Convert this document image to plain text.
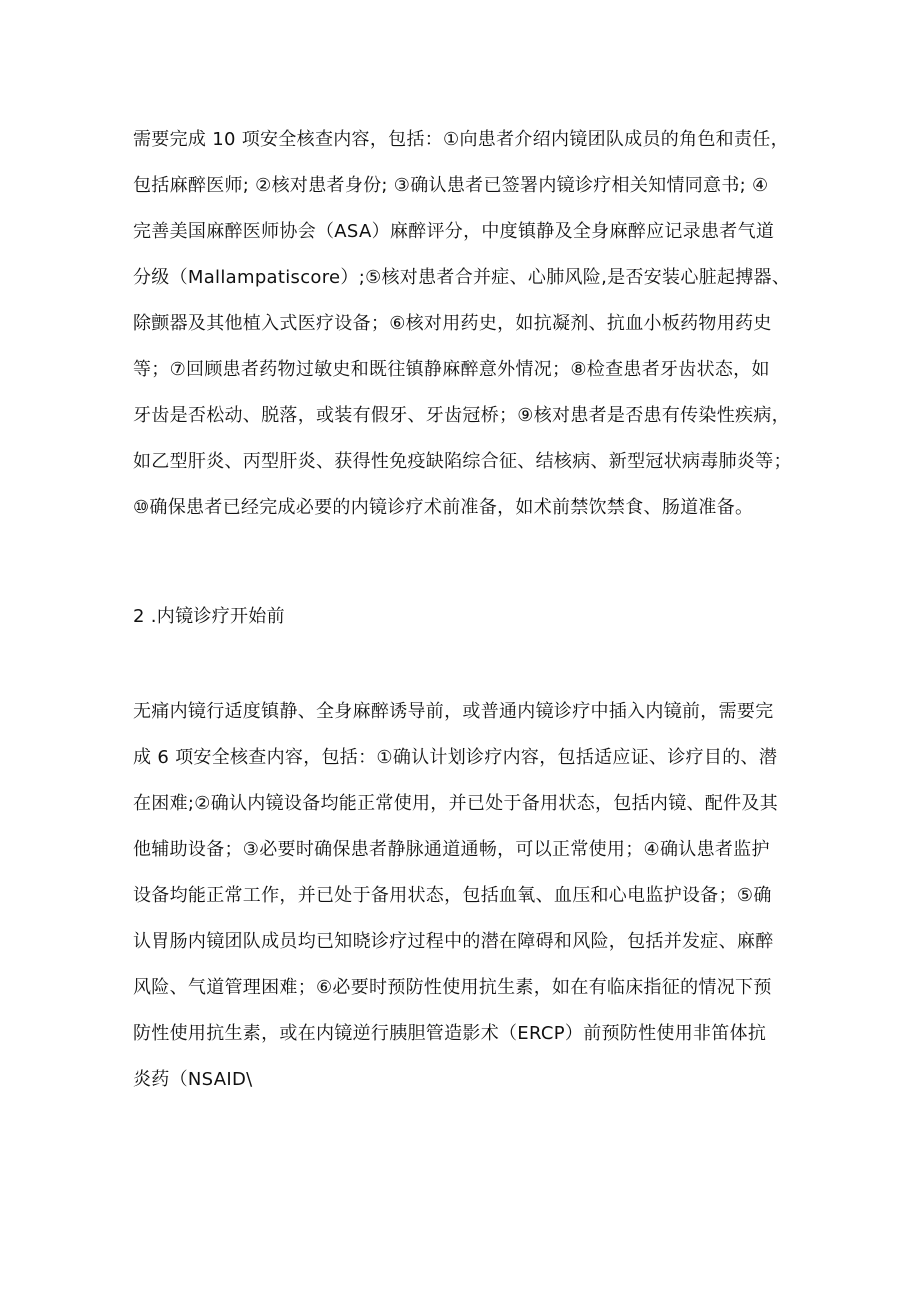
需要完成 10 项安全核查内容，包括：①向患者介绍内镜团队成员的角色和责任，
包括麻醉医师; ②核对患者身份; ③确认患者已签署内镜诊疗相关知情同意书; ④
完善美国麻醉医师协会（ASA）麻醉评分，中度镇静及全身麻醉应记录患者气道
分级（Mallampatiscore）;⑤核对患者合并症、心肺风险,是否安装心脏起搏器、
除颤器及其他植入式医疗设备；⑥核对用药史，如抗凝剂、抗血小板药物用药史
等；⑦回顾患者药物过敏史和既往镇静麻醉意外情况；⑧检查患者牙齿状态，如
牙齿是否松动、脱落，或装有假牙、牙齿冠桥；⑨核对患者是否患有传染性疾病，
如乙型肝炎、丙型肝炎、获得性免疫缺陷综合征、结核病、新型冠状病毒肺炎等；
⑩确保患者已经完成必要的内镜诊疗术前准备，如术前禁饮禁食、肠道准备。
2 .内镜诊疗开始前
无痛内镜行适度镇静、全身麻醉诱导前，或普通内镜诊疗中插入内镜前，需要完
成 6 项安全核查内容，包括：①确认计划诊疗内容，包括适应证、诊疗目的、潜
在困难;②确认内镜设备均能正常使用，并已处于备用状态，包括内镜、配件及其
他辅助设备；③必要时确保患者静脉通道通畅，可以正常使用；④确认患者监护
设备均能正常工作，并已处于备用状态，包括血氧、血压和心电监护设备；⑤确
认胃肠内镜团队成员均已知晓诊疗过程中的潜在障碍和风险，包括并发症、麻醉
风险、气道管理困难；⑥必要时预防性使用抗生素，如在有临床指征的情况下预
防性使用抗生素，或在内镜逆行胰胆管造影术（ERCP）前预防性使用非笛体抗
炎药（NSAID\
